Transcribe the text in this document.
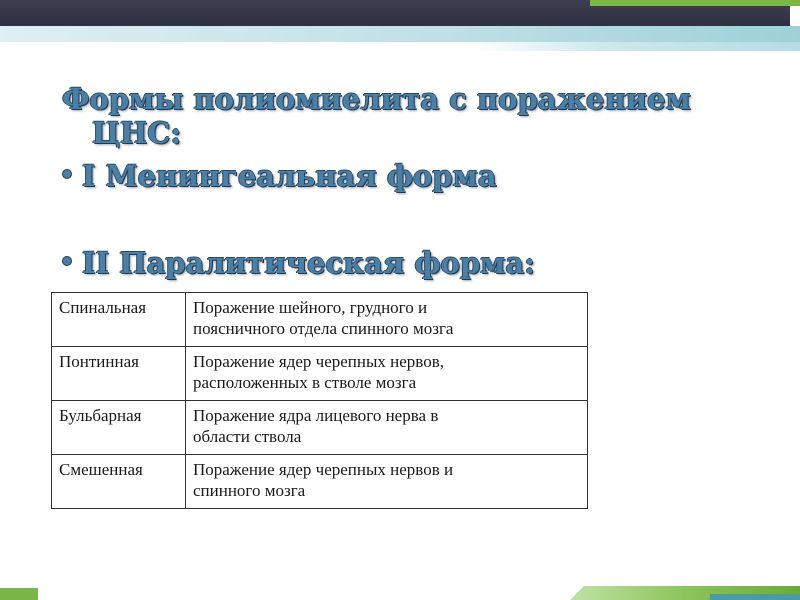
Формы полиомиелита с поражением
ЦНС:
I Менингеальная форма
II Паралитическая форма:
Спинальная	Поражение шейного, грудного и
поясничного отдела спинного мозга
Понтинная	Поражение ядер черепных нервов,
расположенных в стволе мозга
Бульбарная	Поражение ядра лицевого нерва в
области ствола
Смешенная	Поражение ядер черепных нервов и
спинного мозга
